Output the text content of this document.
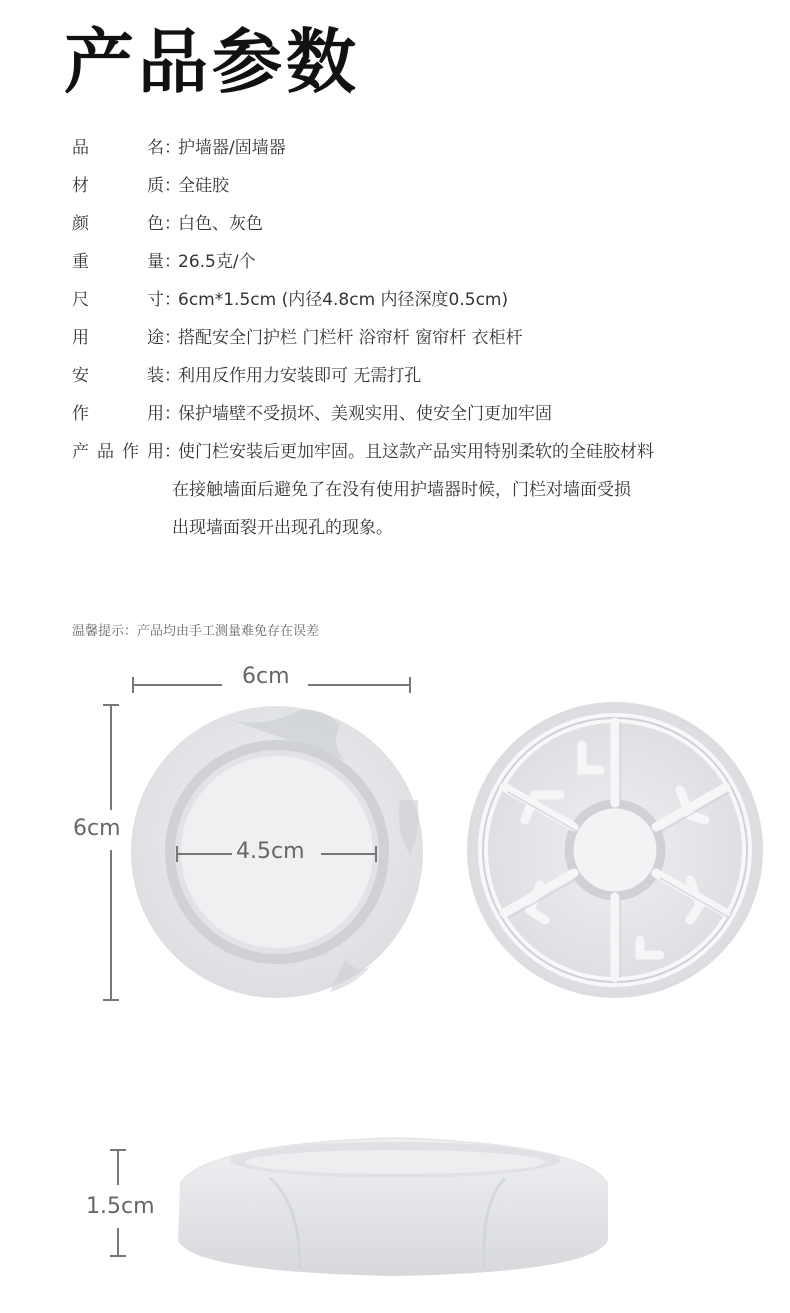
产品参数
品名 ：
护墙器/固墙器
材质 ：
全硅胶
颜色 ：
白色、灰色
重量 ：
26.5克/个
尺寸 ：
6cm*1.5cm (内径4.8cm 内径深度0.5cm)
用途 ：
搭配安全门护栏 门栏杆 浴帘杆 窗帘杆 衣柜杆
安装 ：
利用反作用力安装即可 无需打孔
作用 ：
保护墙壁不受损坏、美观实用、使安全门更加牢固
产品作用 ：
使门栏安装后更加牢固。且这款产品实用特别柔软的全硅胶材料
在接触墙面后避免了在没有使用护墙器时候，门栏对墙面受损
出现墙面裂开出现孔的现象。
温馨提示：产品均由手工测量难免存在误差
6cm
6cm
4.5cm
1.5cm
